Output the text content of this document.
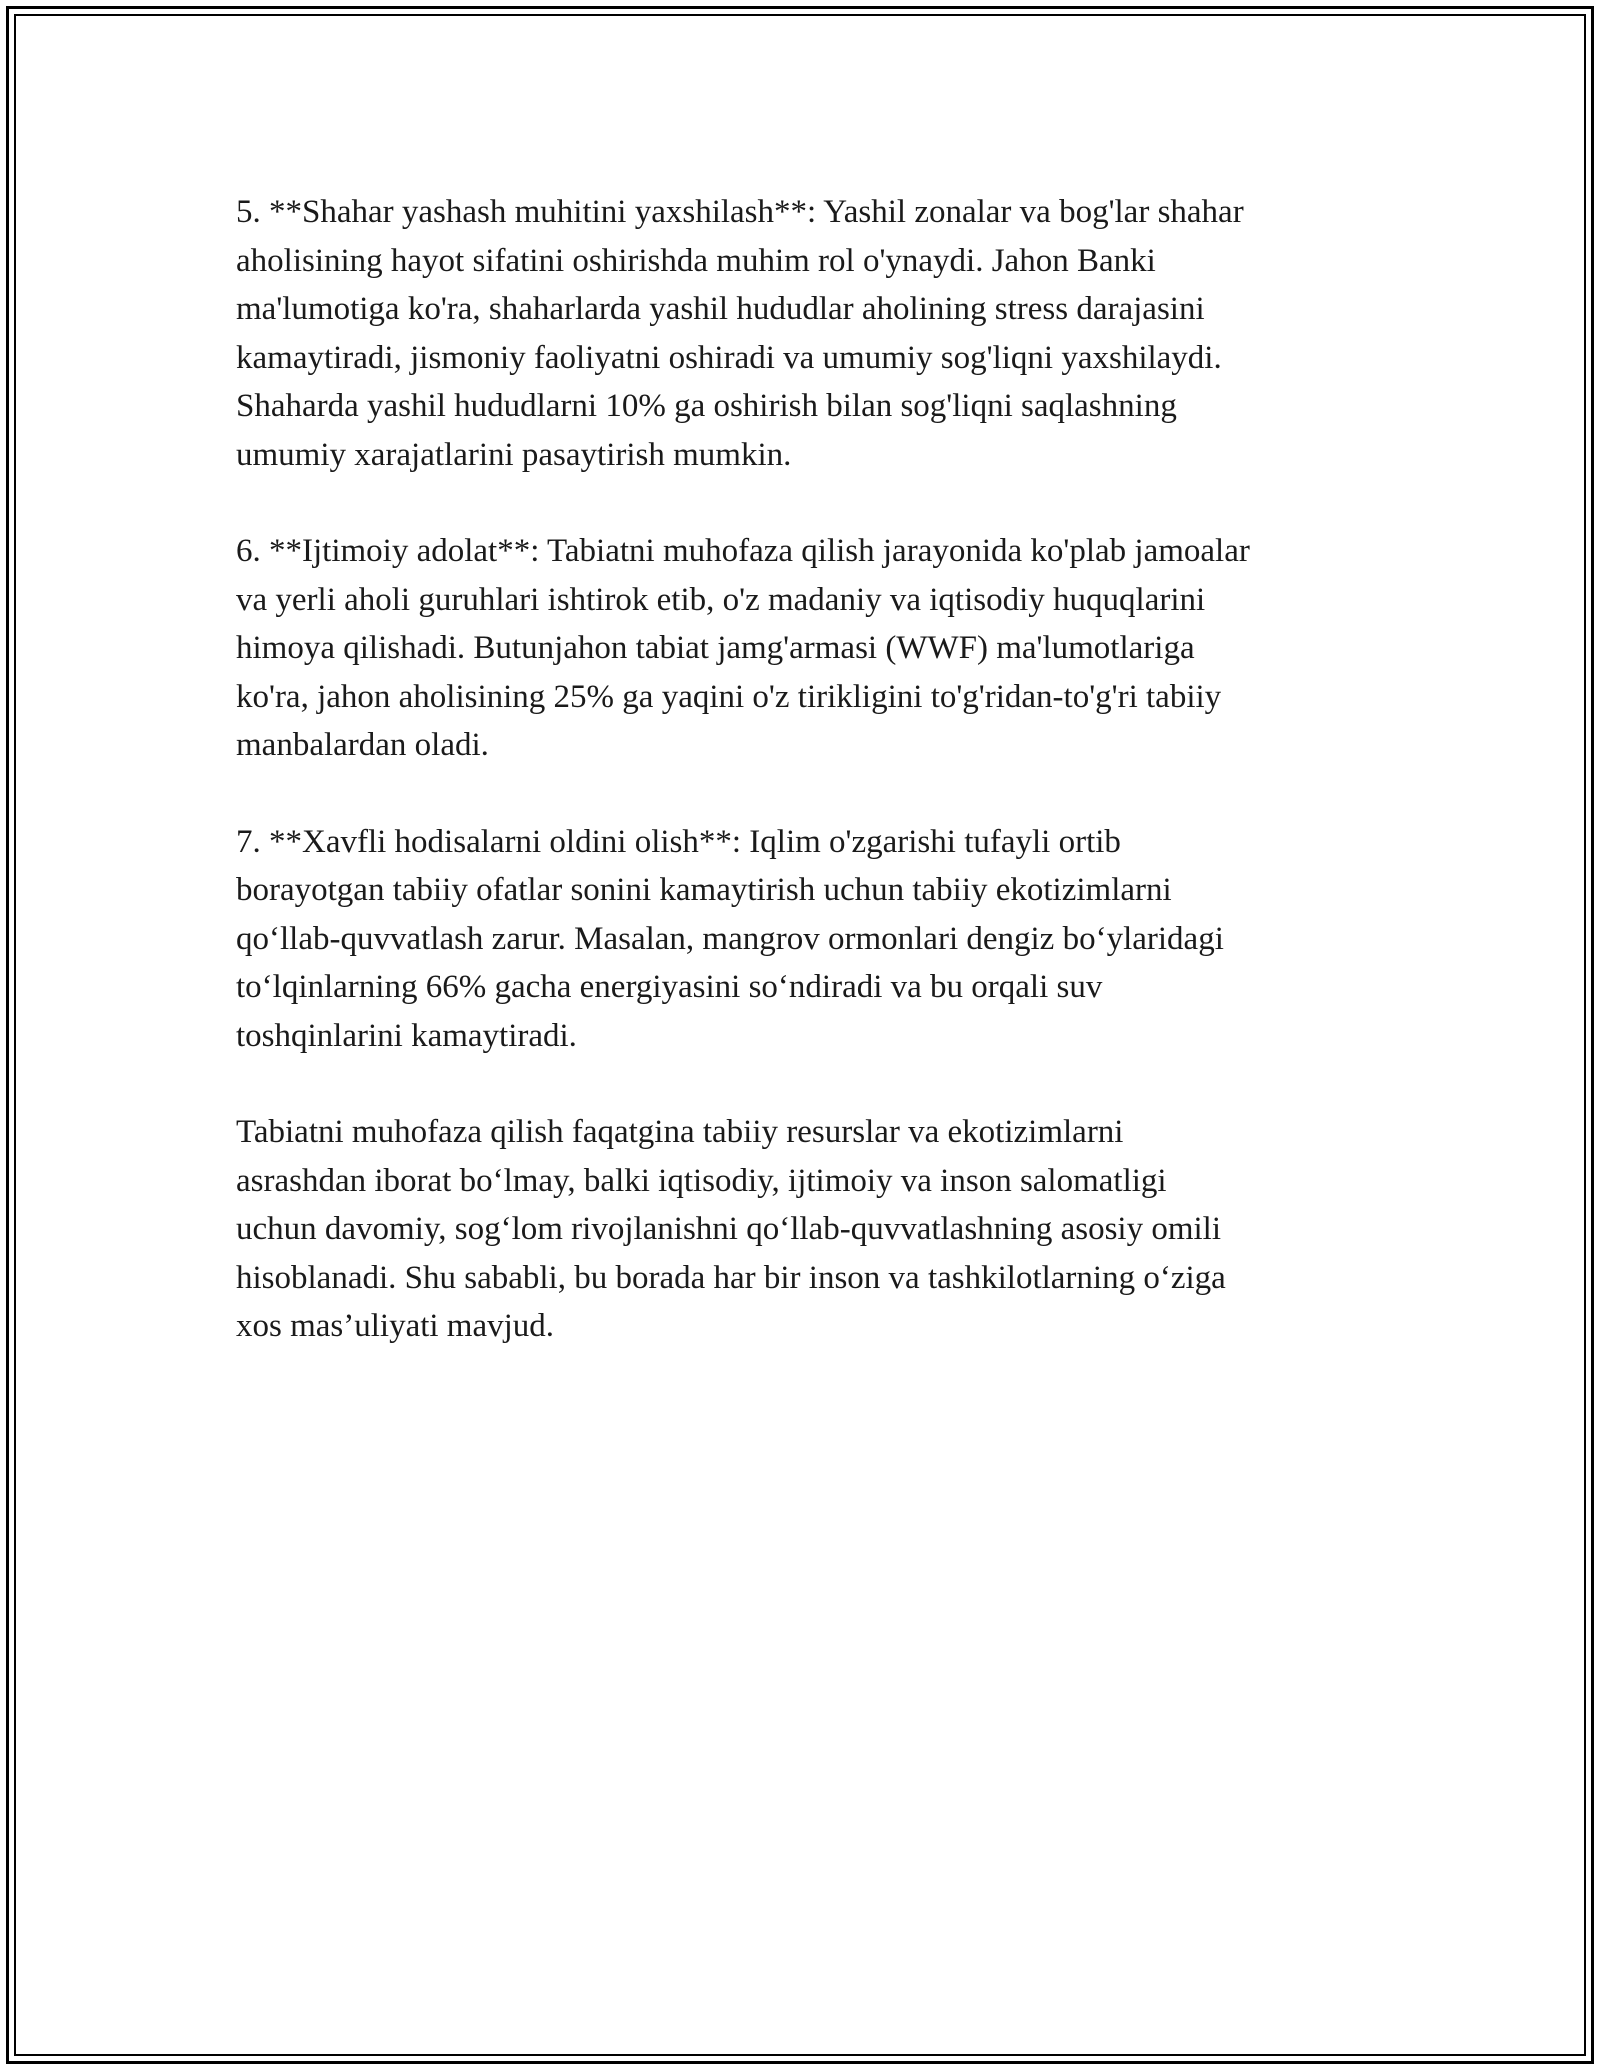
5. **Shahar yashash muhitini yaxshilash**: Yashil zonalar va bog'lar shahar
aholisining hayot sifatini oshirishda muhim rol o'ynaydi. Jahon Banki
ma'lumotiga ko'ra, shaharlarda yashil hududlar aholining stress darajasini
kamaytiradi, jismoniy faoliyatni oshiradi va umumiy sog'liqni yaxshilaydi.
Shaharda yashil hududlarni 10% ga oshirish bilan sog'liqni saqlashning
umumiy xarajatlarini pasaytirish mumkin.

6. **Ijtimoiy adolat**: Tabiatni muhofaza qilish jarayonida ko'plab jamoalar
va yerli aholi guruhlari ishtirok etib, o'z madaniy va iqtisodiy huquqlarini
himoya qilishadi. Butunjahon tabiat jamg'armasi (WWF) ma'lumotlariga
ko'ra, jahon aholisining 25% ga yaqini o'z tirikligini to'g'ridan-to'g'ri tabiiy
manbalardan oladi.

7. **Xavfli hodisalarni oldini olish**: Iqlim o'zgarishi tufayli ortib
borayotgan tabiiy ofatlar sonini kamaytirish uchun tabiiy ekotizimlarni
qo‘llab-quvvatlash zarur. Masalan, mangrov ormonlari dengiz bo‘ylaridagi
to‘lqinlarning 66% gacha energiyasini so‘ndiradi va bu orqali suv
toshqinlarini kamaytiradi.

Tabiatni muhofaza qilish faqatgina tabiiy resurslar va ekotizimlarni
asrashdan iborat bo‘lmay, balki iqtisodiy, ijtimoiy va inson salomatligi
uchun davomiy, sog‘lom rivojlanishni qo‘llab-quvvatlashning asosiy omili
hisoblanadi. Shu sababli, bu borada har bir inson va tashkilotlarning o‘ziga
xos mas’uliyati mavjud.
